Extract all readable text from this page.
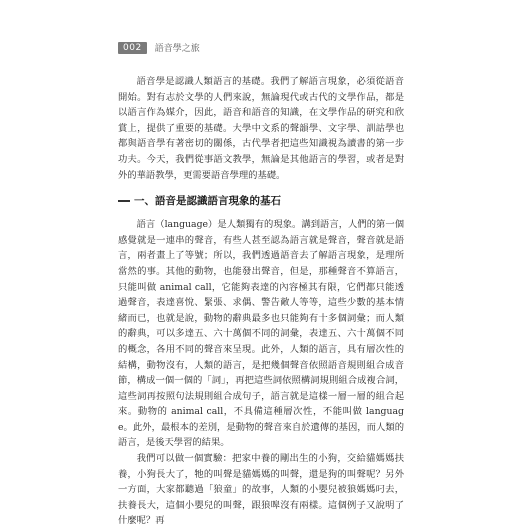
002	語音學之旅

語音學是認識人類語言的基礎。我們了解語言現象，必須從語音開始。對有志於文學的人們來說，無論現代或古代的文學作品，都是以語言作為媒介，因此，語音和語音的知識，在文學作品的研究和欣賞上，提供了重要的基礎。大學中文系的聲韻學、文字學、訓詁學也都與語音學有著密切的關係，古代學者把這些知識視為讀書的第一步功夫。今天，我們從事語文教學，無論是其他語言的學習，或者是對外的華語教學，更需要語音學理的基礎。

一、語音是認識語言現象的基石

語言（language）是人類獨有的現象。講到語言，人們的第一個感覺就是一連串的聲音，有些人甚至認為語言就是聲音，聲音就是語言，兩者畫上了等號；所以，我們透過語音去了解語言現象，是理所當然的事。其他的動物，也能發出聲音，但是，那種聲音不算語言，只能叫做 animal call，它能夠表達的內容極其有限，它們都只能透過聲音，表達喜悅、緊張、求偶、警告敵人等等，這些少數的基本情緒而已，也就是說，動物的辭典最多也只能夠有十多個詞彙；而人類的辭典，可以多達五、六十萬個不同的詞彙，表達五、六十萬個不同的概念，各用不同的聲音來呈現。此外，人類的語言，具有層次性的結構，動物沒有，人類的語言，是把幾個聲音依照語音規則組合成音節，構成一個一個的「詞」，再把這些詞依照構詞規則組合成複合詞，這些詞再按照句法規則組合成句子，語言就是這樣一層一層的組合起來。動物的 animal call，不具備這種層次性，不能叫做 language。此外，最根本的差別，是動物的聲音來自於遺傳的基因，而人類的語言，是後天學習的結果。

我們可以做一個實驗：把家中養的剛出生的小狗，交給貓媽媽扶養，小狗長大了，牠的叫聲是貓媽媽的叫聲，還是狗的叫聲呢？另外一方面，大家都聽過「狼童」的故事，人類的小嬰兒被狼媽媽叼去，扶養長大，這個小嬰兒的叫聲，跟狼嗥沒有兩樣。這個例子又說明了什麼呢？再
